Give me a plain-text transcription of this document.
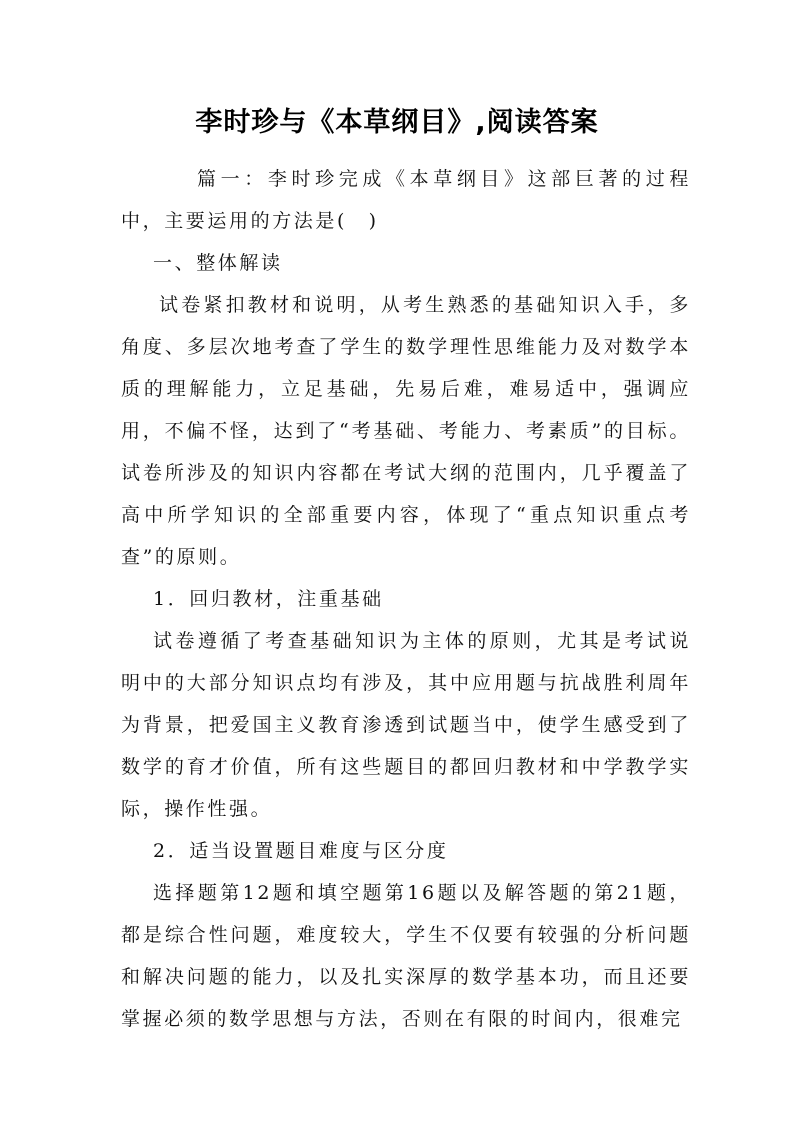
李时珍与《本草纲目》,阅读答案

篇一：李时珍完成《本草纲目》这部巨著的过程中，主要运用的方法是(　)

一、整体解读

试卷紧扣教材和说明，从考生熟悉的基础知识入手，多角度、多层次地考查了学生的数学理性思维能力及对数学本质的理解能力，立足基础，先易后难，难易适中，强调应用，不偏不怪，达到了“考基础、考能力、考素质”的目标。试卷所涉及的知识内容都在考试大纲的范围内，几乎覆盖了高中所学知识的全部重要内容，体现了“重点知识重点考查”的原则。

1．回归教材，注重基础

试卷遵循了考查基础知识为主体的原则，尤其是考试说明中的大部分知识点均有涉及，其中应用题与抗战胜利周年为背景，把爱国主义教育渗透到试题当中，使学生感受到了数学的育才价值，所有这些题目的都回归教材和中学教学实际，操作性强。

2．适当设置题目难度与区分度

选择题第12题和填空题第16题以及解答题的第21题，都是综合性问题，难度较大，学生不仅要有较强的分析问题和解决问题的能力，以及扎实深厚的数学基本功，而且还要掌握必须的数学思想与方法，否则在有限的时间内，很难完
